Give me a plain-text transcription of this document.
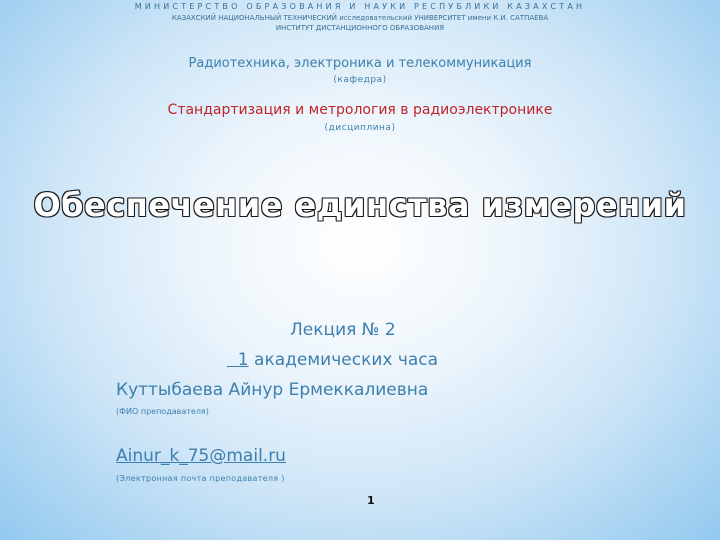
МИНИСТЕРСТВО ОБРАЗОВАНИЯ И НАУКИ РЕСПУБЛИКИ КАЗАХСТАН
КАЗАХСКИЙ НАЦИОНАЛЬНЫЙ ТЕХНИЧЕСКИЙ исследовательский УНИВЕРСИТЕТ имени К.И. САТПАЕВА
ИНСТИТУТ ДИСТАНЦИОННОГО ОБРАЗОВАНИЯ
Радиотехника, электроника и телекоммуникация
(кафедра)
Стандартизация и метрология в радиоэлектронике
(дисциплина)
Обеспечение единства измерений
Лекция № 2
1 академических часа
Куттыбаева Айнур Ермеккалиевна
(ФИО преподавателя)
Ainur_k_75@mail.ru
(Электронная почта преподавателя )
1
